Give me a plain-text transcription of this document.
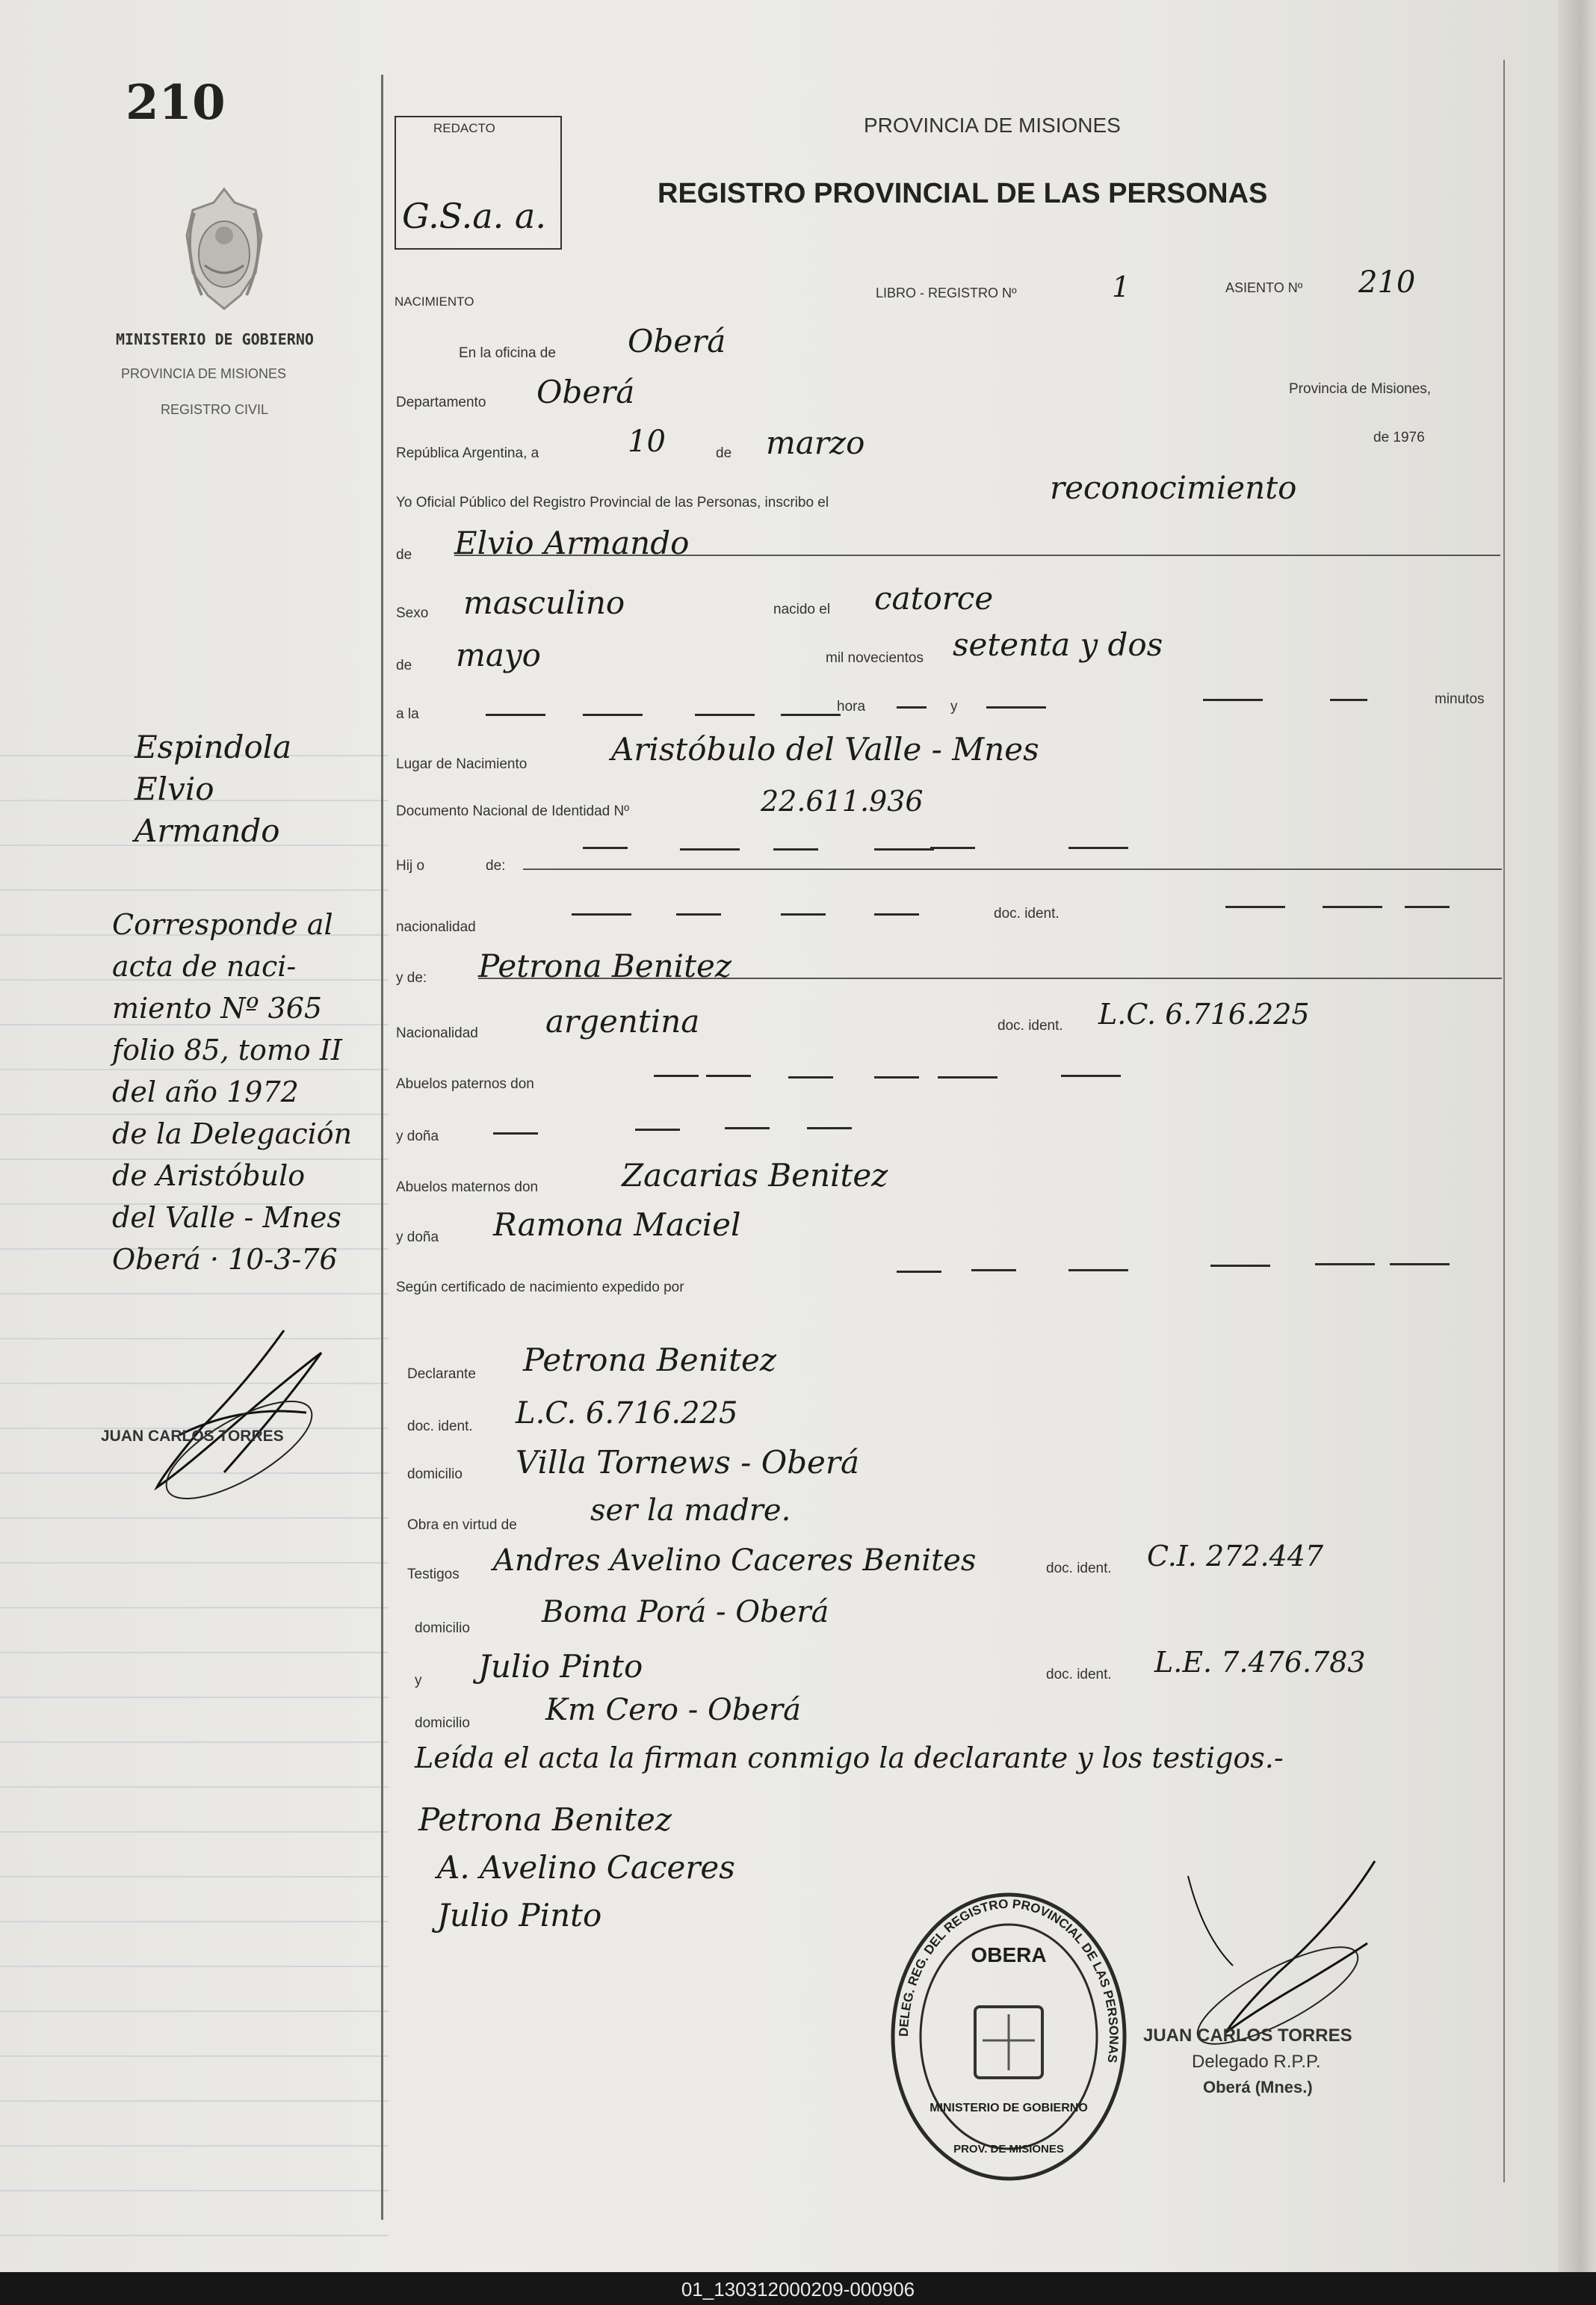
210
MINISTERIO DE GOBIERNO
PROVINCIA DE MISIONES
REGISTRO CIVIL
Espindola
Elvio
Armando
Corresponde al
acta de naci-
miento Nº 365
folio 85, tomo II
del año 1972
de la Delegación
de Aristóbulo
del Valle - Mnes
Oberá · 10-3-76
JUAN CARLOS TORRES
REDACTO
G.S.a. a.
PROVINCIA DE MISIONES
REGISTRO PROVINCIAL DE LAS PERSONAS
NACIMIENTO
LIBRO - REGISTRO Nº	1	ASIENTO Nº 210
En la oficina de Oberá
Departamento Oberá	Provincia de Misiones,
República Argentina, a	10	de marzo	de 1976
Yo Oficial Público del Registro Provincial de las Personas, inscribo el	reconocimiento
de Elvio Armando
Sexo masculino	nacido el catorce
de mayo	mil novecientos setenta y dos
a la	hora	y	minutos
Lugar de Nacimiento	Aristóbulo del Valle - Mnes
Documento Nacional de Identidad Nº	22.611.936
Hij o	de:
nacionalidad
doc. ident.
y de: Petrona Benitez
Nacionalidad argentina	doc. ident. L.C. 6.716.225
Abuelos paternos don
y doña
Abuelos maternos don	Zacarias Benitez
y doña Ramona Maciel
Según certificado de nacimiento expedido por
Declarante Petrona Benitez
doc. ident. L.C. 6.716.225
domicilio Villa Tornews - Oberá
Obra en virtud de ser la madre.
Testigos Andres Avelino Caceres Benites	doc. ident. C.I. 272.447
domicilio Boma Porá - Oberá
y Julio Pinto	doc. ident. L.E. 7.476.783
domicilio	Km Cero - Oberá
Leída el acta la firman conmigo la declarante y los testigos.-
Petrona Benitez
A. Avelino Caceres
Julio Pinto
DELEG. REG. DEL REGISTRO PROVINCIAL DE LAS PERSONAS
OBERA
MINISTERIO DE GOBIERNO
PROV. DE MISIONES
JUAN CARLOS TORRES
Delegado R.P.P.
Oberá (Mnes.)
01_130312000209-000906
